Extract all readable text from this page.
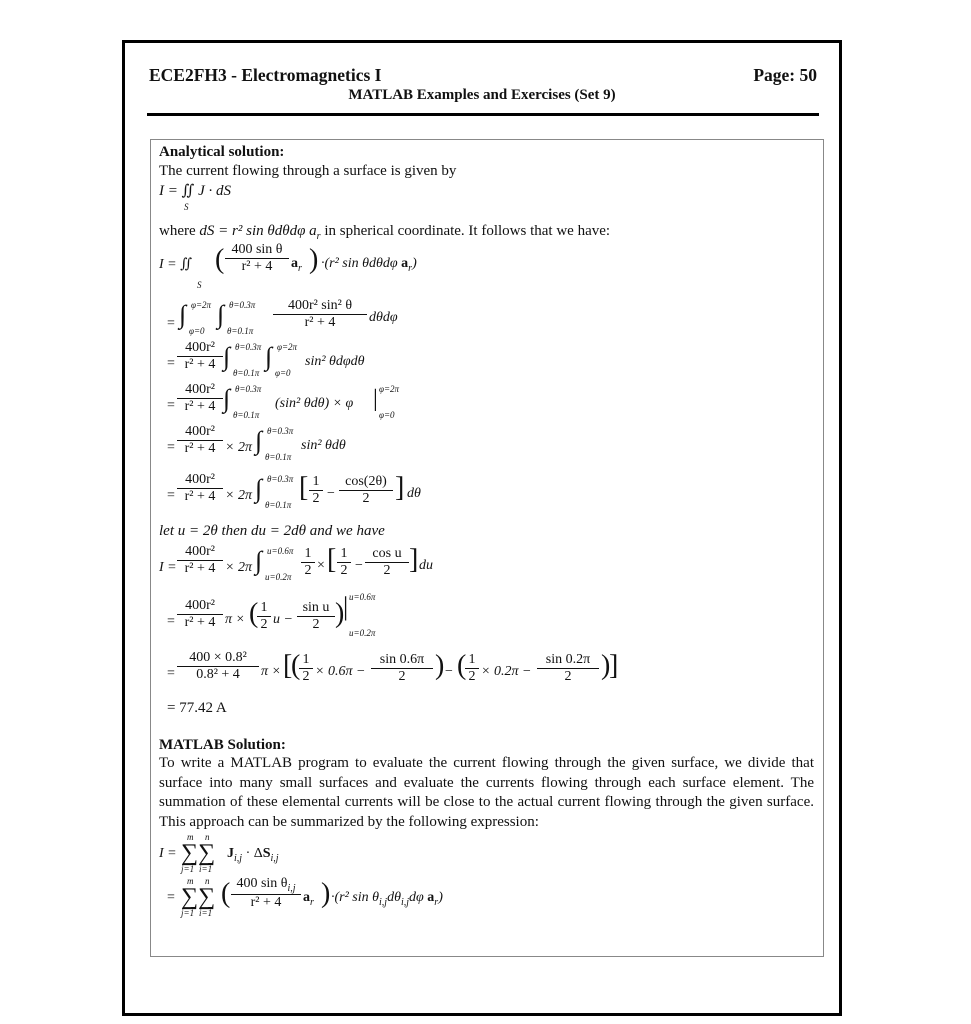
ECE2FH3 - Electromagnetics I	Page: 50
MATLAB Examples and Exercises (Set 9)
Analytical solution:
The current flowing through a surface is given by
I = ∬ J · dS
S
where dS = r² sin θdθdφ $a_r$ in spherical coordinate. It follows that we have:
I = ∬
S
( $\frac{\text{400 sin θ}}{\text{r² + 4}} a_r$ ) ·(r² sin θdθdφ $a_r$)
= ∫ φ=2π
φ=0
∫ θ=0.3π
$\theta=0.1\pi \frac{\text{400r² sin² θ}}{\text{r² + 4}}$ dθdφ
= $\frac{\text{400r²}}{\text{r² + 4}}$ ∫ θ=0.3π
θ=0.1π
∫ φ=2π
φ=0
sin² θdφdθ
= $\frac{\text{400r²}}{\text{r² + 4}}$ ∫ θ=0.3π
θ=0.1π
(sin² θdθ) × φ | φ=2π
φ=0
= $\frac{\text{400r²}}{\text{r² + 4}} \times 2\pi$ ∫ θ=0.3π
θ=0.1π
sin² θdθ
= $\frac{\text{400r²}}{\text{r² + 4}} \times 2\pi$ ∫ θ=0.3π
θ=0.1π
[ $\frac{1}{2} - \frac{\cos(2\theta)}{2}$ ] dθ
let u = 2θ then du = 2dθ and we have
$I = \frac{\text{400r²}}{\text{r² + 4}} \times 2\pi$ ∫ u=0.6π
$u=0.2\pi \frac{1}{2}$ × [ $\frac{1}{2} - \frac{\text{cos u}}{2}$ ] du
= $\frac{\text{400r²}}{\text{r² + 4}}$ π × (
$\frac{1}{2}$ $u - \frac{\text{sin u}}{2}$ )
| u=0.6π
u=0.2π
= $\frac{\text{400 × 0.8²}}{\text{0.8² + 4}}$ π × [
(
$\frac{1}{2} \times 0.6\pi - \frac{\sin 0.6\pi}{2}$ ) − (
$\frac{1}{2} \times 0.2\pi - \frac{\sin 0.2\pi}{2}$ )
]
= 77.42 A
MATLAB Solution:
To write a MATLAB program to evaluate the current flowing through the given surface, we divide that surface into many small surfaces and evaluate the currents flowing through each surface element. The summation of these elemental currents will be close to the actual current flowing through the given surface. This approach can be summarized by the following expression:
I = ∑∑
m n
j=1 i=1
$J_{i,j} \cdot \Delta S_{i,j}$
= ∑∑
m n
j=1 i=1
( $\frac{400 \sin \theta_{i,j}}{\text{r² + 4}} a_r$ ) ·(r² $\sin \theta_{i,j}d\theta_{i,j}d\varphi$ $a_r$)
